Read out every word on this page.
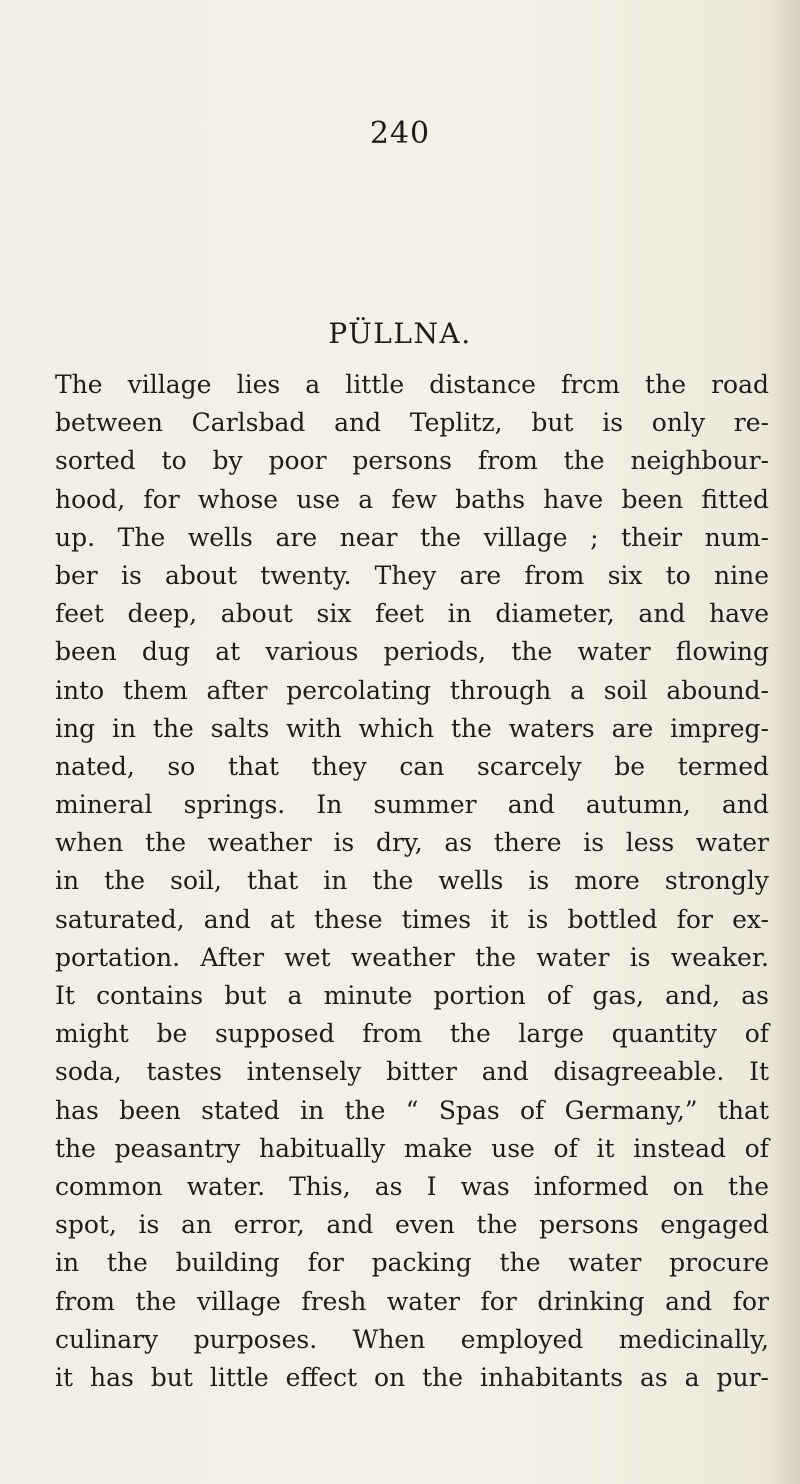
240
PÜLLNA.
The village lies a little distance frcm the road
between Carlsbad and Teplitz, but is only re-
sorted to by poor persons from the neighbour-
hood, for whose use a few baths have been fitted
up. The wells are near the village ; their num-
ber is about twenty. They are from six to nine
feet deep, about six feet in diameter, and have
been dug at various periods, the water flowing
into them after percolating through a soil abound-
ing in the salts with which the waters are impreg-
nated, so that they can scarcely be termed
mineral springs. In summer and autumn, and
when the weather is dry, as there is less water
in the soil, that in the wells is more strongly
saturated, and at these times it is bottled for ex-
portation. After wet weather the water is weaker.
It contains but a minute portion of gas, and, as
might be supposed from the large quantity of
soda, tastes intensely bitter and disagreeable. It
has been stated in the “ Spas of Germany,” that
the peasantry habitually make use of it instead of
common water. This, as I was informed on the
spot, is an error, and even the persons engaged
in the building for packing the water procure
from the village fresh water for drinking and for
culinary purposes. When employed medicinally,
it has but little effect on the inhabitants as a pur-
